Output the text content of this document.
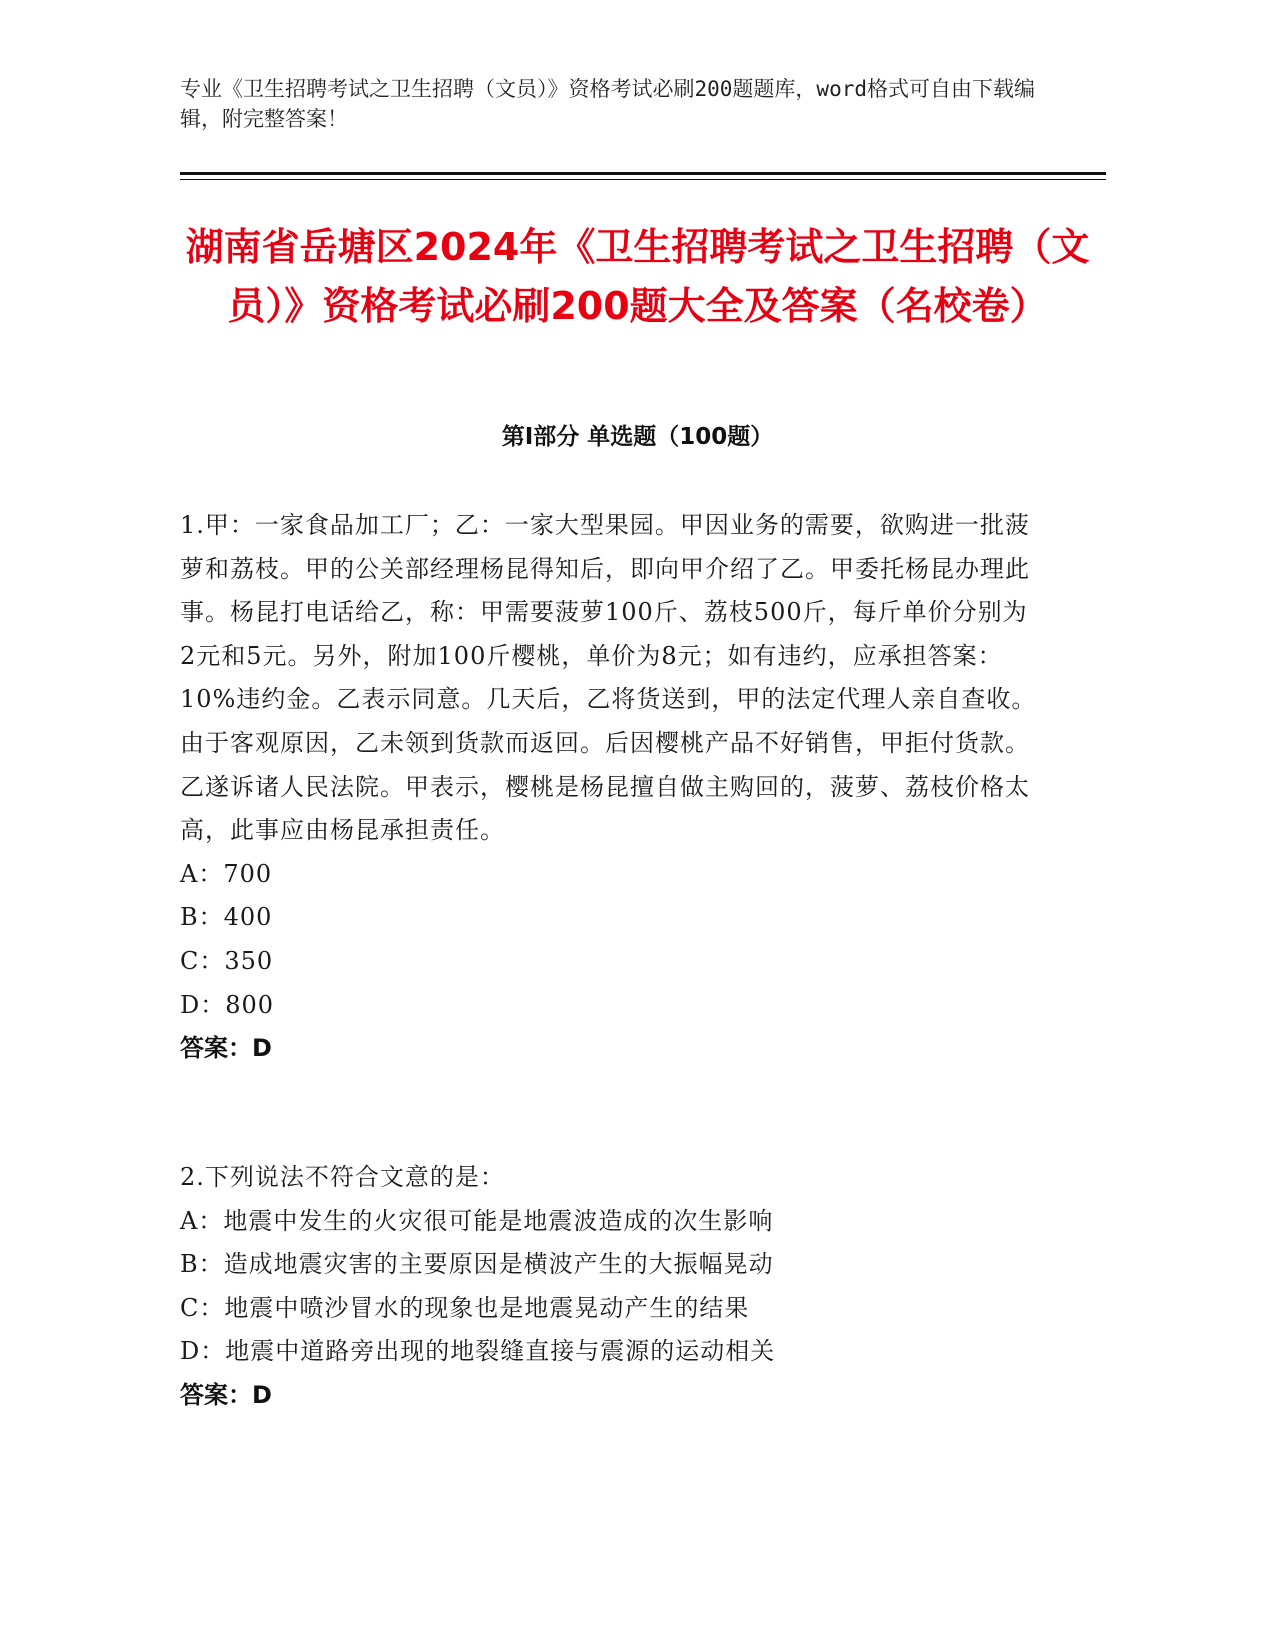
专业《卫生招聘考试之卫生招聘（文员）》资格考试必刷200题题库，word格式可自由下载编辑，附完整答案！
湖南省岳塘区2024年《卫生招聘考试之卫生招聘（文员）》资格考试必刷200题大全及答案（名校卷）
第Ⅰ部分 单选题（100题）
1.甲：一家食品加工厂；乙：一家大型果园。甲因业务的需要，欲购进一批菠萝和荔枝。甲的公关部经理杨昆得知后，即向甲介绍了乙。甲委托杨昆办理此事。杨昆打电话给乙，称：甲需要菠萝100斤、荔枝500斤，每斤单价分别为2元和5元。另外，附加100斤樱桃，单价为8元；如有违约，应承担答案：10%违约金。乙表示同意。几天后，乙将货送到，甲的法定代理人亲自查收。由于客观原因，乙未领到货款而返回。后因樱桃产品不好销售，甲拒付货款。乙遂诉诸人民法院。甲表示，樱桃是杨昆擅自做主购回的，菠萝、荔枝价格太高，此事应由杨昆承担责任。
A：700
B：400
C：350
D：800
答案：D
2.下列说法不符合文意的是：
A：地震中发生的火灾很可能是地震波造成的次生影响
B：造成地震灾害的主要原因是横波产生的大振幅晃动
C：地震中喷沙冒水的现象也是地震晃动产生的结果
D：地震中道路旁出现的地裂缝直接与震源的运动相关
答案：D
